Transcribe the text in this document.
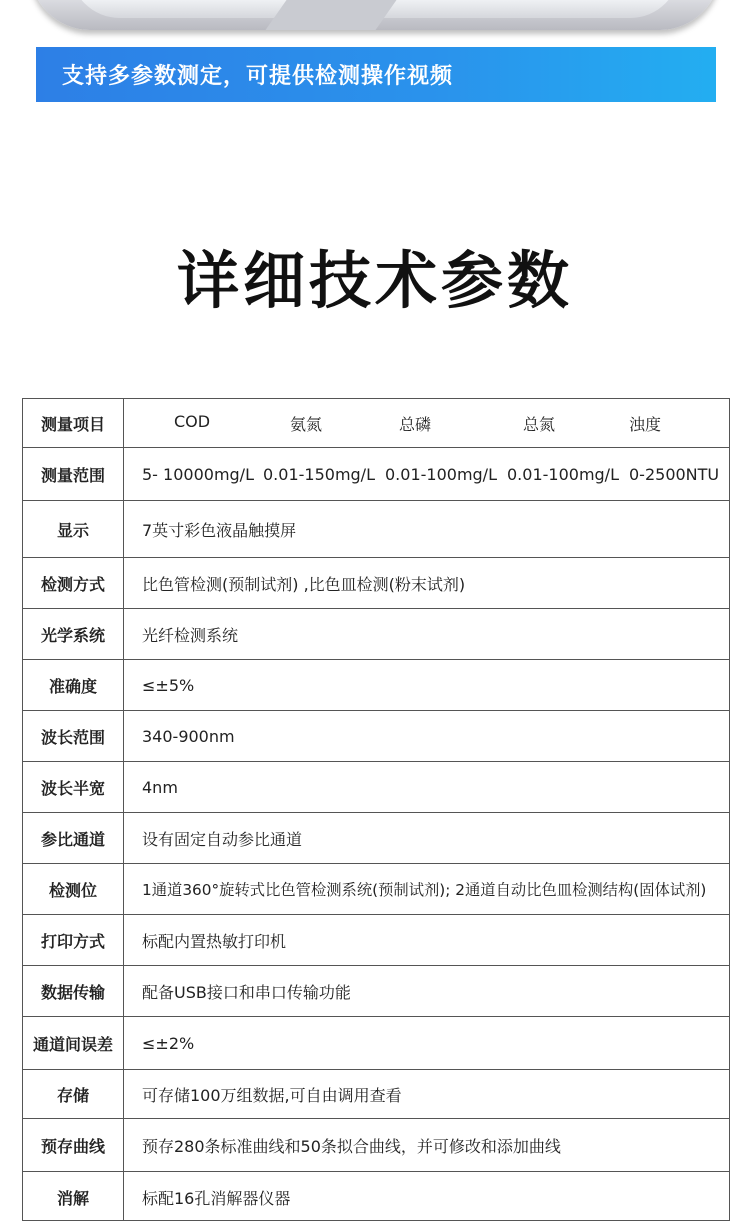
支持多参数测定，可提供检测操作视频
详细技术参数
测量项目	COD 氨氮 总磷 总氮 浊度

测量范围	5- 10000mg/L 0.01-150mg/L 0.01-100mg/L 0.01-100mg/L 0-2500NTU

显示	7英寸彩色液晶触摸屏
检测方式	比色管检测(预制试剂) ,比色皿检测(粉末试剂)
光学系统	光纤检测系统
准确度	≤±5%
波长范围	340-900nm
波长半宽	4nm
参比通道	设有固定自动参比通道
检测位	1通道360°旋转式比色管检测系统(预制试剂); 2通道自动比色皿检测结构(固体试剂)
打印方式	标配内置热敏打印机
数据传输	配备USB接口和串口传输功能
通道间误差	≤±2%
存储	可存储100万组数据,可自由调用查看
预存曲线	预存280条标准曲线和50条拟合曲线，并可修改和添加曲线
消解	标配16孔消解器仪器
